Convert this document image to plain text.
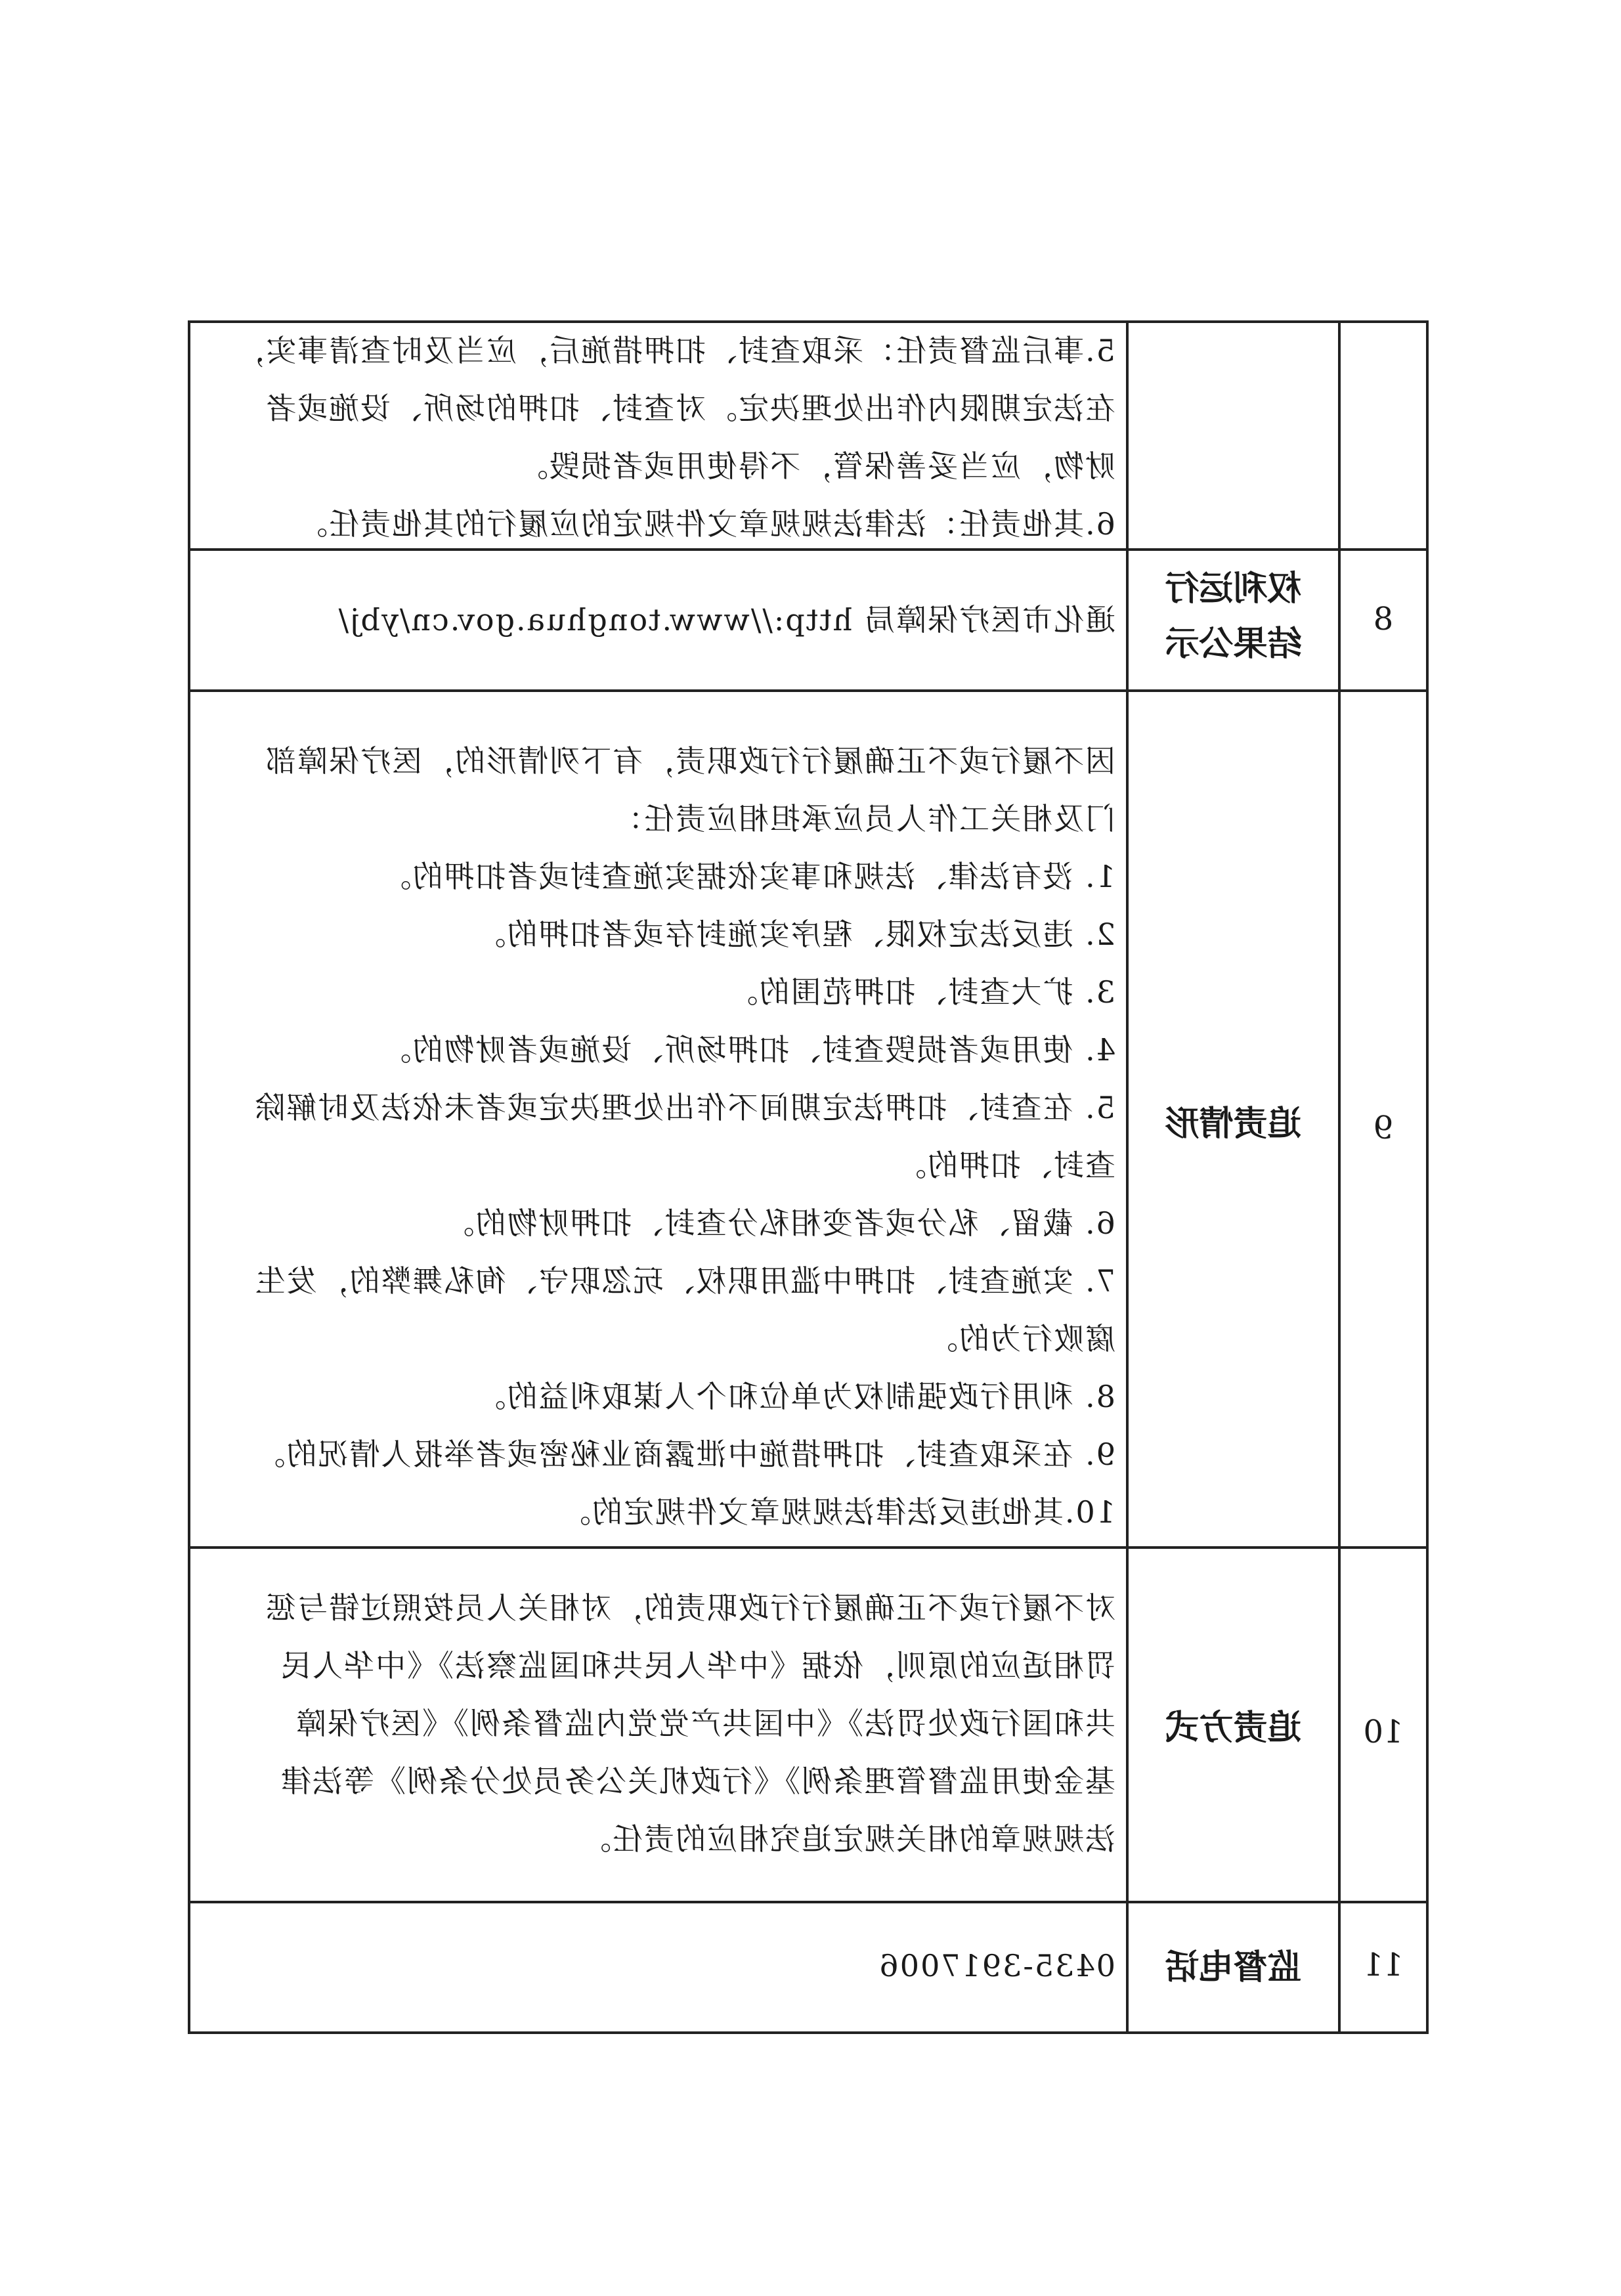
5.事后监督责任：采取查封、扣押措施后，应当及时查清事实，
在法定期限内作出处理决定。对查封、扣押的场所、设施或者
财物，应当妥善保管，不得使用或者损毁。
6.其他责任：法律法规规章文件规定的应履行的其他责任。
8
权利运行
结果公示
通化市医疗保障局 http://www.tonghua.gov.cn/ybj/
9
追责情形
因不履行或不正确履行行政职责，有下列情形的，医疗保障部
门及相关工作人员应承担相应责任：
1. 没有法律、法规和事实依据实施查封或者扣押的。
2. 违反法定权限、程序实施封存或者扣押的。
3. 扩大查封、扣押范围的。
4. 使用或者损毁查封、扣押场所、设施或者财物的。
5. 在查封、扣押法定期间不作出处理决定或者未依法及时解除
查封、扣押的。
6. 截留、私分或者变相私分查封、扣押财物的。
7. 实施查封、扣押中滥用职权、玩忽职守、徇私舞弊的，发生
腐败行为的。
8. 利用行政强制权为单位和个人谋取利益的。
9. 在采取查封、扣押措施中泄露商业秘密或者举报人情况的。
10.其他违反法律法规规章文件规定的。
10
追责方式
对不履行或不正确履行行政职责的，对相关人员按照过错与惩
罚相适应的原则，依据《中华人民共和国监察法》《中华人民
共和国行政处罚法》《中国共产党党内监督条例》《医疗保障
基金使用监督管理条例》《行政机关公务员处分条例》等法律
法规规章的相关规定追究相应的责任。
11
监督电话
0435-3917006
